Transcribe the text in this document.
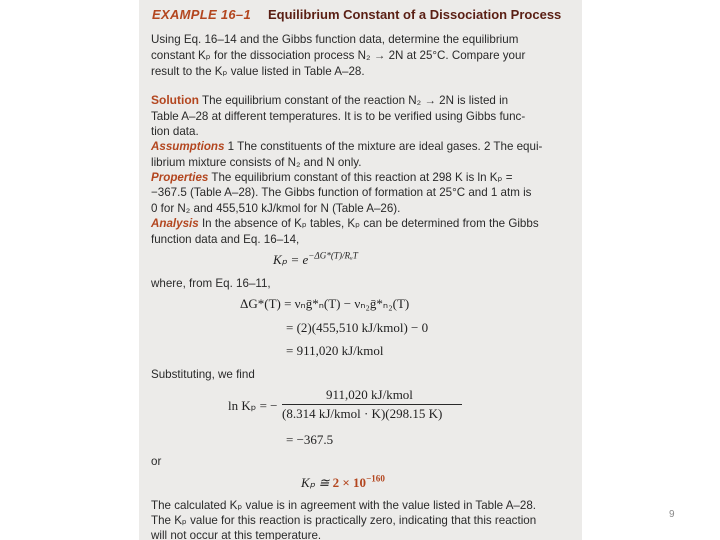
EXAMPLE 16–1 Equilibrium Constant of a Dissociation Process
Using Eq. 16–14 and the Gibbs function data, determine the equilibrium
constant Kₚ for the dissociation process N₂ → 2N at 25°C. Compare your
result to the Kₚ value listed in Table A–28.
Solution The equilibrium constant of the reaction N₂ → 2N is listed in
Table A–28 at different temperatures. It is to be verified using Gibbs func-
tion data.
Assumptions 1 The constituents of the mixture are ideal gases. 2 The equi-
librium mixture consists of N₂ and N only.
Properties The equilibrium constant of this reaction at 298 K is ln Kₚ =
−367.5 (Table A–28). The Gibbs function of formation at 25°C and 1 atm is
0 for N₂ and 455,510 kJ/kmol for N (Table A–26).
Analysis In the absence of Kₚ tables, Kₚ can be determined from the Gibbs
function data and Eq. 16–14,
$K_p = e^{-\Delta G*(T)/RᵤT}$
where, from Eq. 16–11,
ΔG*(T) = νₙḡ*ₙ(T) − νₙ₂ḡ*ₙ₂(T)
= (2)(455,510 kJ/kmol) − 0
= 911,020 kJ/kmol
Substituting, we find
ln Kₚ = −
911,020 kJ/kmol
(8.314 kJ/kmol · K)(298.15 K)
= −367.5
or
Kₚ ≅ $2 \times 10^{-160}$
The calculated Kₚ value is in agreement with the value listed in Table A–28.
The Kₚ value for this reaction is practically zero, indicating that this reaction
will not occur at this temperature.
9
